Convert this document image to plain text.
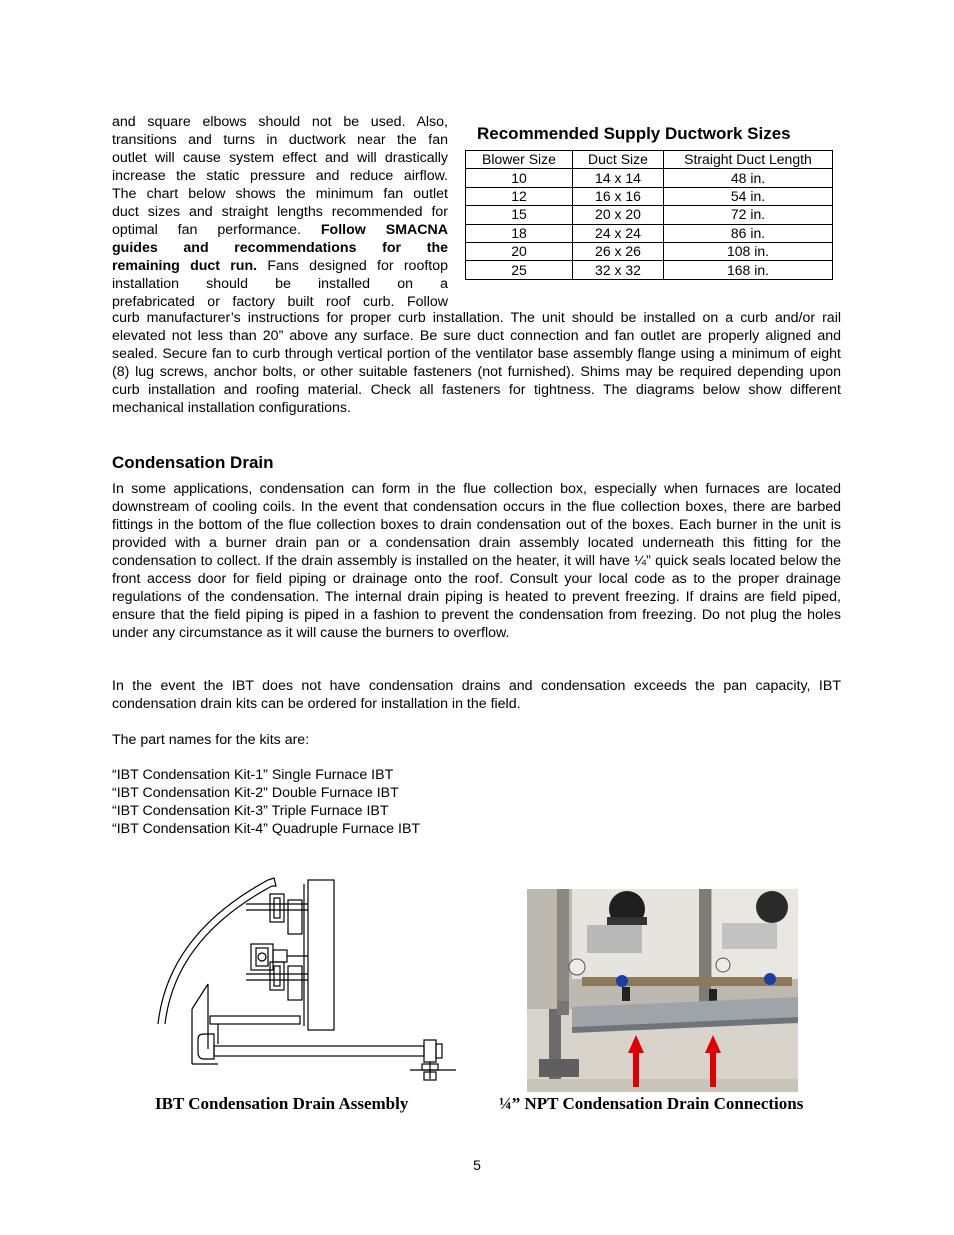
and square elbows should not be used. Also,
transitions and turns in ductwork near the fan
outlet will cause system effect and will drastically
increase the static pressure and reduce airflow.
The chart below shows the minimum fan outlet
duct sizes and straight lengths recommended for
optimal fan performance. Follow SMACNA
guides and recommendations for the
remaining duct run. Fans designed for rooftop
installation should be installed on a
prefabricated or factory built roof curb. Follow
Recommended Supply Ductwork Sizes
Blower Size	Duct Size	Straight Duct Length
10	14 x 14	48 in.
12	16 x 16	54 in.
15	20 x 20	72 in.
18	24 x 24	86 in.
20	26 x 26	108 in.
25	32 x 32	168 in.

curb manufacturer’s instructions for proper curb installation. The unit should be installed on a curb and/or rail elevated not less than 20” above any surface. Be sure duct connection and fan outlet are properly aligned and sealed. Secure fan to curb through vertical portion of the ventilator base assembly flange using a minimum of eight (8) lug screws, anchor bolts, or other suitable fasteners (not furnished). Shims may be required depending upon curb installation and roofing material. Check all fasteners for tightness. The diagrams below show different mechanical installation configurations.

Condensation Drain

In some applications, condensation can form in the flue collection box, especially when furnaces are located downstream of cooling coils. In the event that condensation occurs in the flue collection boxes, there are barbed fittings in the bottom of the flue collection boxes to drain condensation out of the boxes. Each burner in the unit is provided with a burner drain pan or a condensation drain assembly located underneath this fitting for the condensation to collect. If the drain assembly is installed on the heater, it will have ¼” quick seals located below the front access door for field piping or drainage onto the roof. Consult your local code as to the proper drainage regulations of the condensation. The internal drain piping is heated to prevent freezing. If drains are field piped, ensure that the field piping is piped in a fashion to prevent the condensation from freezing. Do not plug the holes under any circumstance as it will cause the burners to overflow.

In the event the IBT does not have condensation drains and condensation exceeds the pan capacity, IBT condensation drain kits can be ordered for installation in the field.

The part names for the kits are:

“IBT Condensation Kit-1” Single Furnace IBT
“IBT Condensation Kit-2” Double Furnace IBT
“IBT Condensation Kit-3” Triple Furnace IBT
“IBT Condensation Kit-4” Quadruple Furnace IBT
IBT Condensation Drain Assembly	¼” NPT Condensation Drain Connections
5
